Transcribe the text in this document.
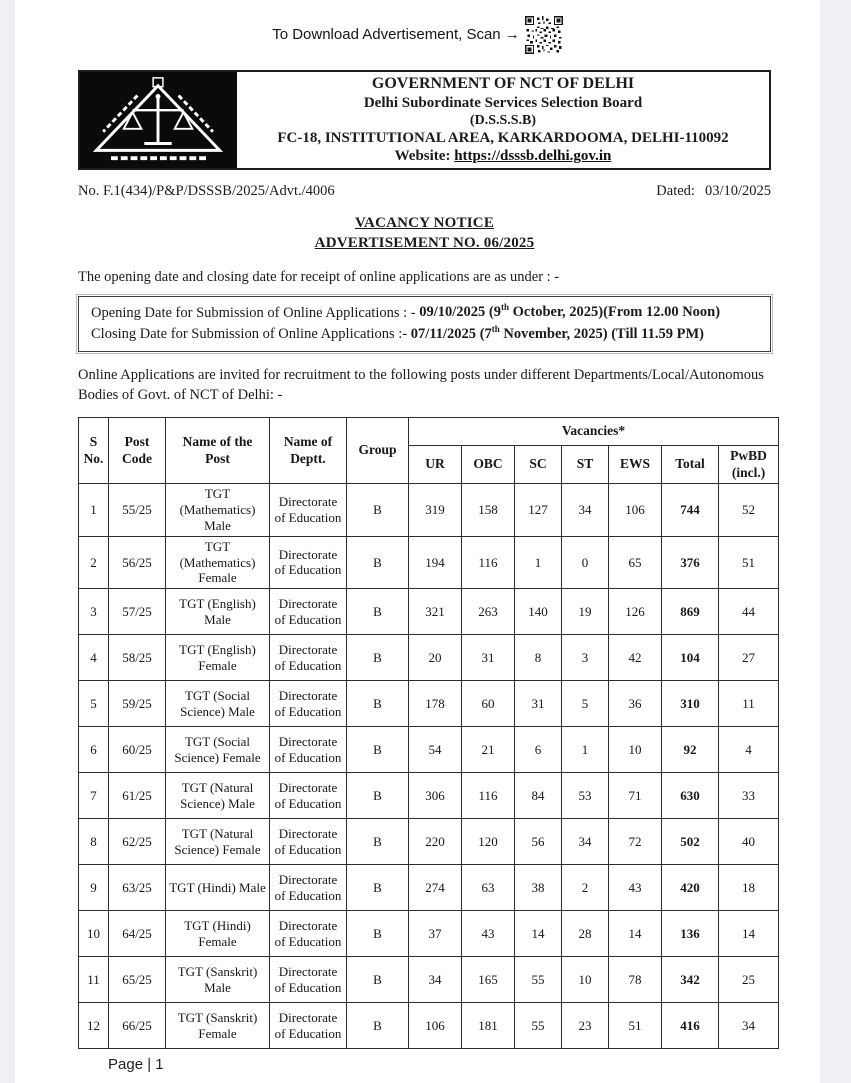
To Download Advertisement, Scan →
GOVERNMENT OF NCT OF DELHI
Delhi Subordinate Services Selection Board
(D.S.S.S.B)
FC-18, INSTITUTIONAL AREA, KARKARDOOMA, DELHI-110092
Website: https://dsssb.delhi.gov.in
No. F.1(434)/P&P/DSSSB/2025/Advt./4006	Dated: 03/10/2025
VACANCY NOTICE
ADVERTISEMENT NO. 06/2025
The opening date and closing date for receipt of online applications are as under : -
Opening Date for Submission of Online Applications : - 09/10/2025 (9th October, 2025)(From 12.00 Noon)
Closing Date for Submission of Online Applications :- 07/11/2025 (7th November, 2025) (Till 11.59 PM)
Online Applications are invited for recruitment to the following posts under different Departments/Local/Autonomous Bodies of Govt. of NCT of Delhi: -
S No.	Post Code	Name of the Post	Name of Deptt.	Group	Vacancies*						
					UR	OBC	SC	ST	EWS	Total	PwBD (incl.)
1	55/25	TGT (Mathematics) Male	Directorate of Education	B	319	158	127	34	106	744	52
2	56/25	TGT (Mathematics) Female	Directorate of Education	B	194	116	1	0	65	376	51
3	57/25	TGT (English) Male	Directorate of Education	B	321	263	140	19	126	869	44
4	58/25	TGT (English) Female	Directorate of Education	B	20	31	8	3	42	104	27
5	59/25	TGT (Social Science) Male	Directorate of Education	B	178	60	31	5	36	310	11
6	60/25	TGT (Social Science) Female	Directorate of Education	B	54	21	6	1	10	92	4
7	61/25	TGT (Natural Science) Male	Directorate of Education	B	306	116	84	53	71	630	33
8	62/25	TGT (Natural Science) Female	Directorate of Education	B	220	120	56	34	72	502	40
9	63/25	TGT (Hindi) Male	Directorate of Education	B	274	63	38	2	43	420	18
10	64/25	TGT (Hindi) Female	Directorate of Education	B	37	43	14	28	14	136	14
11	65/25	TGT (Sanskrit) Male	Directorate of Education	B	34	165	55	10	78	342	25
12	66/25	TGT (Sanskrit) Female	Directorate of Education	B	106	181	55	23	51	416	34
Page | 1
